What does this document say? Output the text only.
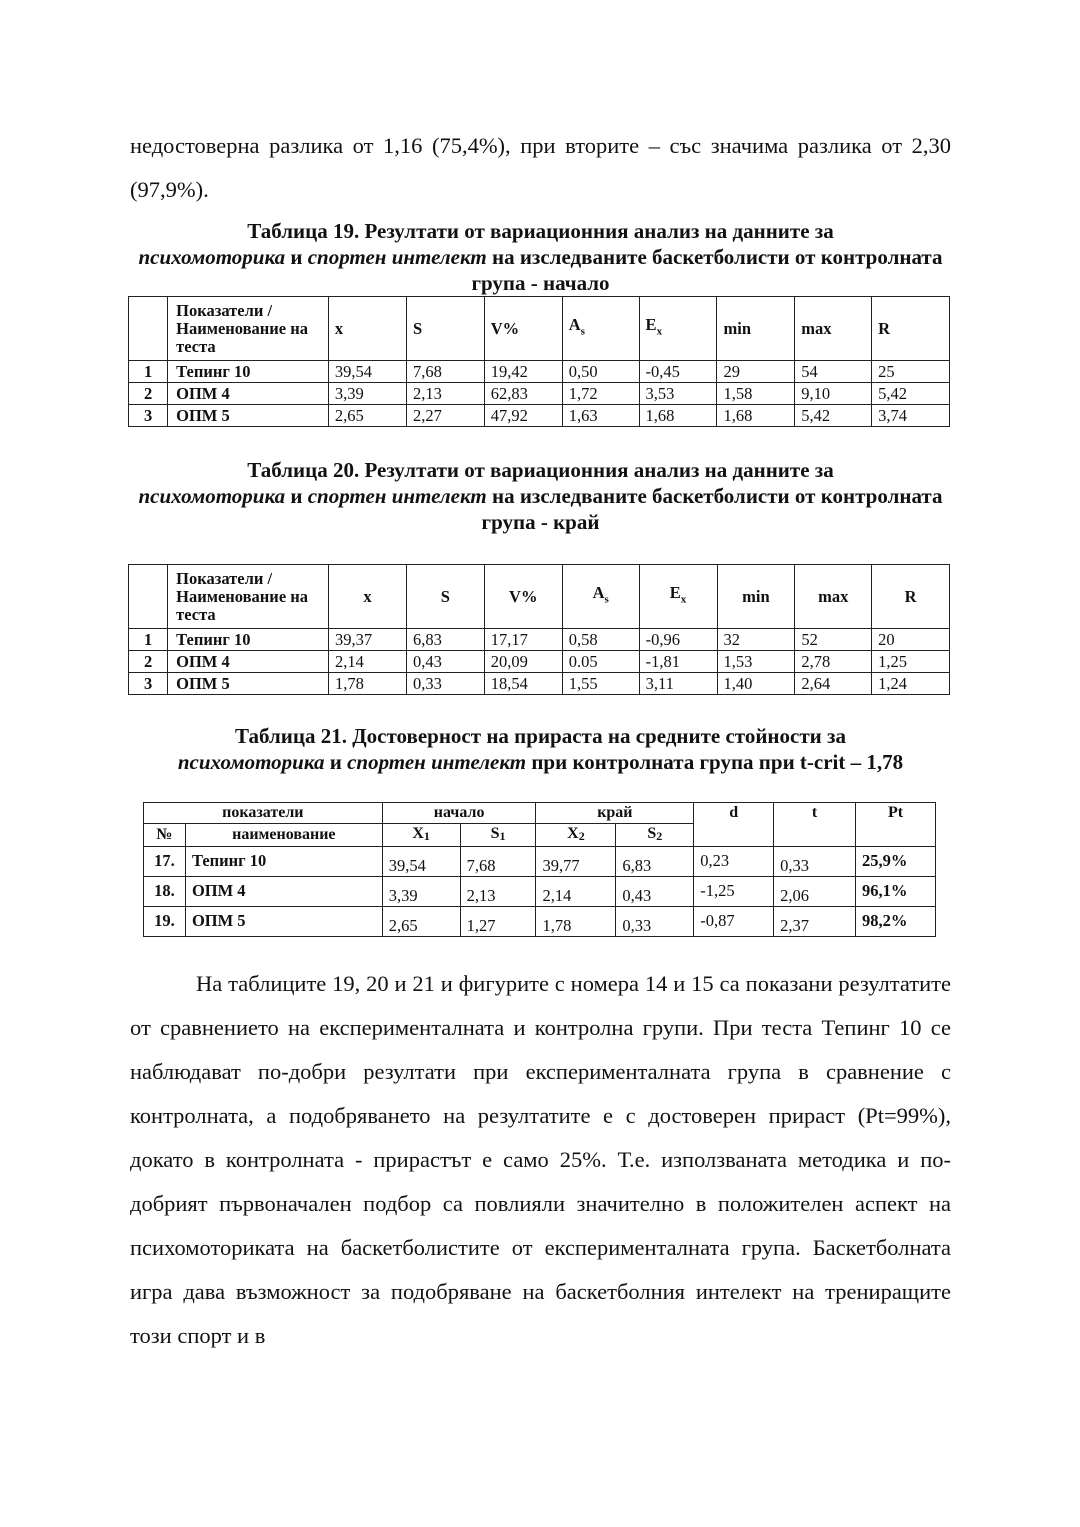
недостоверна разлика от 1,16 (75,4%), при вторите – със значима разлика от 2,30 (97,9%).

Таблица 19. Резултати от вариационния анализ на данните за
психомоторика и спортен интелект на изследваните баскетболисти от контролната група - начало

	Показатели / Наименование на теста	x	S	V%	$A_s$	$E_x$	min	max	R
1	Тепинг 10	39,54	7,68	19,42	0,50	-0,45	29	54	25
2	ОПМ 4	3,39	2,13	62,83	1,72	3,53	1,58	9,10	5,42
3	ОПМ 5	2,65	2,27	47,92	1,63	1,68	1,68	5,42	3,74

Таблица 20. Резултати от вариационния анализ на данните за
психомоторика и спортен интелект на изследваните баскетболисти от контролната група - край

	Показатели / Наименование на теста	x	S	V%	$A_s$	$E_x$	min	max	R
1	Тепинг 10	39,37	6,83	17,17	0,58	-0,96	32	52	20
2	ОПМ 4	2,14	0,43	20,09	0.05	-1,81	1,53	2,78	1,25
3	ОПМ 5	1,78	0,33	18,54	1,55	3,11	1,40	2,64	1,24

Таблица 21. Достоверност на прираста на средните стойности за
психомоторика и спортен интелект при контролната група при t-crit – 1,78

показатели		начало		край		d	t	Pt
№	наименование	X1	S1	X2	S2			
17.	Тепинг 10	39,54	7,68	39,77	6,83	0,23	0,33	25,9%
18.	ОПМ 4	3,39	2,13	2,14	0,43	-1,25	2,06	96,1%
19.	ОПМ 5	2,65	1,27	1,78	0,33	-0,87	2,37	98,2%

На таблиците 19, 20 и 21 и фигурите с номера 14 и 15 са показани резултатите от сравнението на експерименталната и контролна групи. При теста Тепинг 10 се наблюдават по-добри резултати при експерименталната група в сравнение с контролната, а подобряването на резултатите е с достоверен прираст (Pt=99%), докато в контролната - прирастът е само 25%. Т.е. използваната методика и по-добрият първоначален подбор са повлияли значително в положителен аспект на психомоториката на баскетболистите от експерименталната група. Баскетболната игра дава възможност за подобряване на баскетболния интелект на трениращите този спорт и в
